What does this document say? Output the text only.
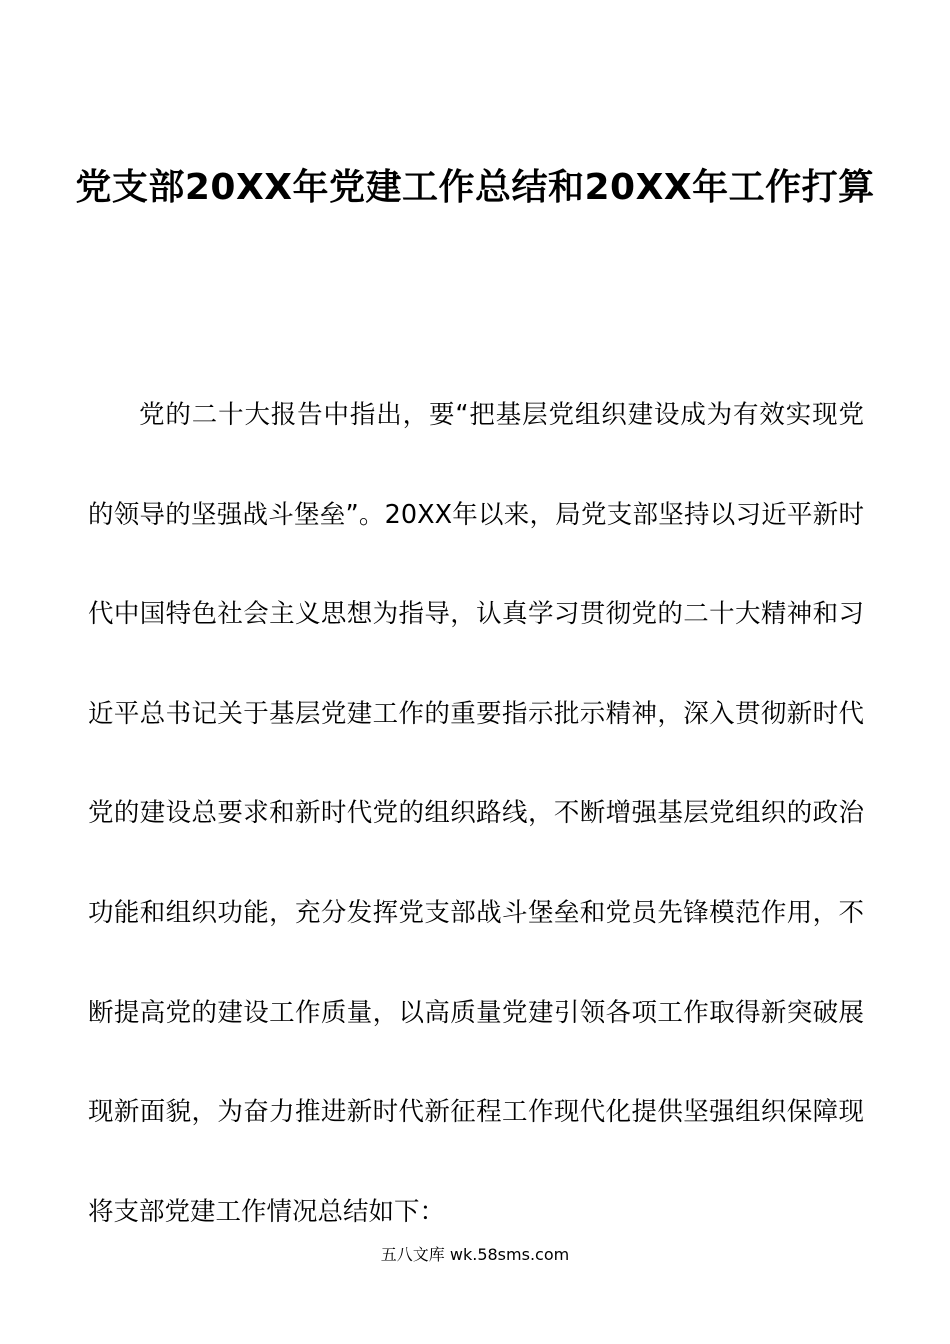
党支部20XX年党建工作总结和20XX年工作打算

党的二十大报告中指出，要“把基层党组织建设成为有效实现党的领导的坚强战斗堡垒”。20XX年以来，局党支部坚持以习近平新时代中国特色社会主义思想为指导，认真学习贯彻党的二十大精神和习近平总书记关于基层党建工作的重要指示批示精神，深入贯彻新时代党的建设总要求和新时代党的组织路线，不断增强基层党组织的政治功能和组织功能，充分发挥党支部战斗堡垒和党员先锋模范作用，不断提高党的建设工作质量，以高质量党建引领各项工作取得新突破展现新面貌，为奋力推进新时代新征程工作现代化提供坚强组织保障现将支部党建工作情况总结如下：

五八文库 wk.58sms.com
